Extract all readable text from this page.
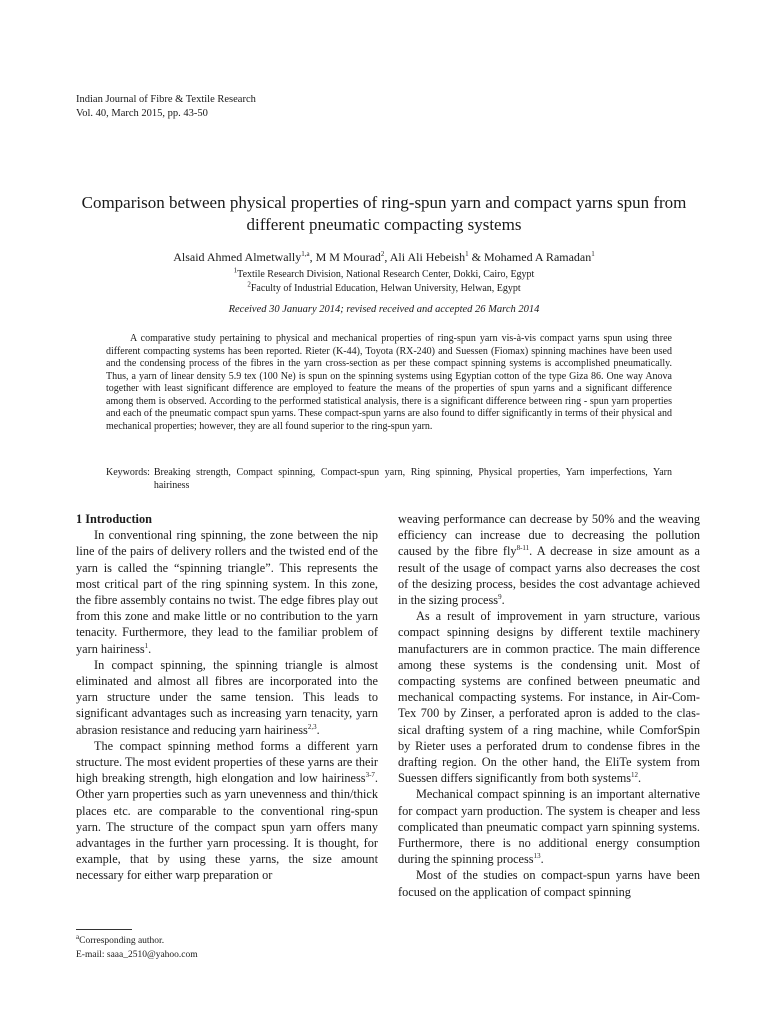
Indian Journal of Fibre & Textile Research
Vol. 40, March 2015, pp. 43-50
Comparison between physical properties of ring-spun yarn and compact yarns spun from different pneumatic compacting systems
Alsaid Ahmed Almetwally$^{1,a}$, M M Mourad$^2$, Ali Ali Hebeish$^1$ & Mohamed A Ramadan$^1$
$^1$Textile Research Division, National Research Center, Dokki, Cairo, Egypt
$^2$Faculty of Industrial Education, Helwan University, Helwan, Egypt
Received 30 January 2014; revised received and accepted 26 March 2014
A comparative study pertaining to physical and mechanical properties of ring-spun yarn vis-à-vis compact yarns spun using three different compacting systems has been reported. Rieter (K-44), Toyota (RX-240) and Suessen (Fiomax) spinning machines have been used and the condensing process of the fibres in the yarn cross-section as per these compact spinning systems is accomplished pneumatically. Thus, a yarn of linear density 5.9 tex (100 Ne) is spun on the spinning systems using Egyptian cotton of the type Giza 86. One way Anova together with least significant difference are employed to feature the means of the properties of spun yarns and a significant difference among them is observed. According to the performed statistical analysis, there is a significant difference between ring - spun yarn properties and each of the pneumatic compact spun yarns. These compact-spun yarns are also found to differ significantly in terms of their physical and mechanical properties; however, they are all found superior to the ring-spun yarn.
Keywords: Breaking strength, Compact spinning, Compact-spun yarn, Ring spinning, Physical properties, Yarn imperfections, Yarn hairiness
1 Introduction

In conventional ring spinning, the zone between the nip line of the pairs of delivery rollers and the twisted end of the yarn is called the “spinning triangle”. This represents the most critical part of the ring spinning system. In this zone, the fibre assembly contains no twist. The edge fibres play out from this zone and make little or no contribution to the yarn tenacity. Furthermore, they lead to the familiar problem of yarn hairiness$^1$.

In compact spinning, the spinning triangle is almost eliminated and almost all fibres are incorporated into the yarn structure under the same tension. This leads to significant advantages such as increasing yarn tenacity, yarn abrasion resistance and reducing yarn hairiness$^{2,3}$.

The compact spinning method forms a different yarn structure. The most evident properties of these yarns are their high breaking strength, high elongation and low hairiness$^{3-7}$. Other yarn properties such as yarn unevenness and thin/thick places etc. are comparable to the conventional ring-spun yarn. The structure of the compact spun yarn offers many advantages in the further yarn processing. It is thought, for example, that by using these yarns, the size amount necessary for either warp preparation or

weaving performance can decrease by 50% and the weaving efficiency can increase due to decreasing the pollution caused by the fibre fly$^{8-11}$. A decrease in size amount as a result of the usage of compact yarns also decreases the cost of the desizing process, besides the cost advantage achieved in the sizing process$^9$.

As a result of improvement in yarn structure, various compact spinning designs by different textile machinery manufacturers are in common practice. The main difference among these systems is the condensing unit. Most of compacting systems are confined between pneumatic and mechanical compacting systems. For instance, in Air-Com-Tex 700 by Zinser, a perforated apron is added to the clas-sical drafting system of a ring machine, while ComforSpin by Rieter uses a perforated drum to condense fibres in the drafting region. On the other hand, the EliTe system from Suessen differs significantly from both systems$^{12}$.

Mechanical compact spinning is an important alternative for compact yarn production. The system is cheaper and less complicated than pneumatic compact yarn spinning systems. Furthermore, there is no additional energy consumption during the spinning process$^{13}$.

Most of the studies on compact-spun yarns have been focused on the application of compact spinning

$^a$Corresponding author.
E-mail: saaa_2510@yahoo.com
